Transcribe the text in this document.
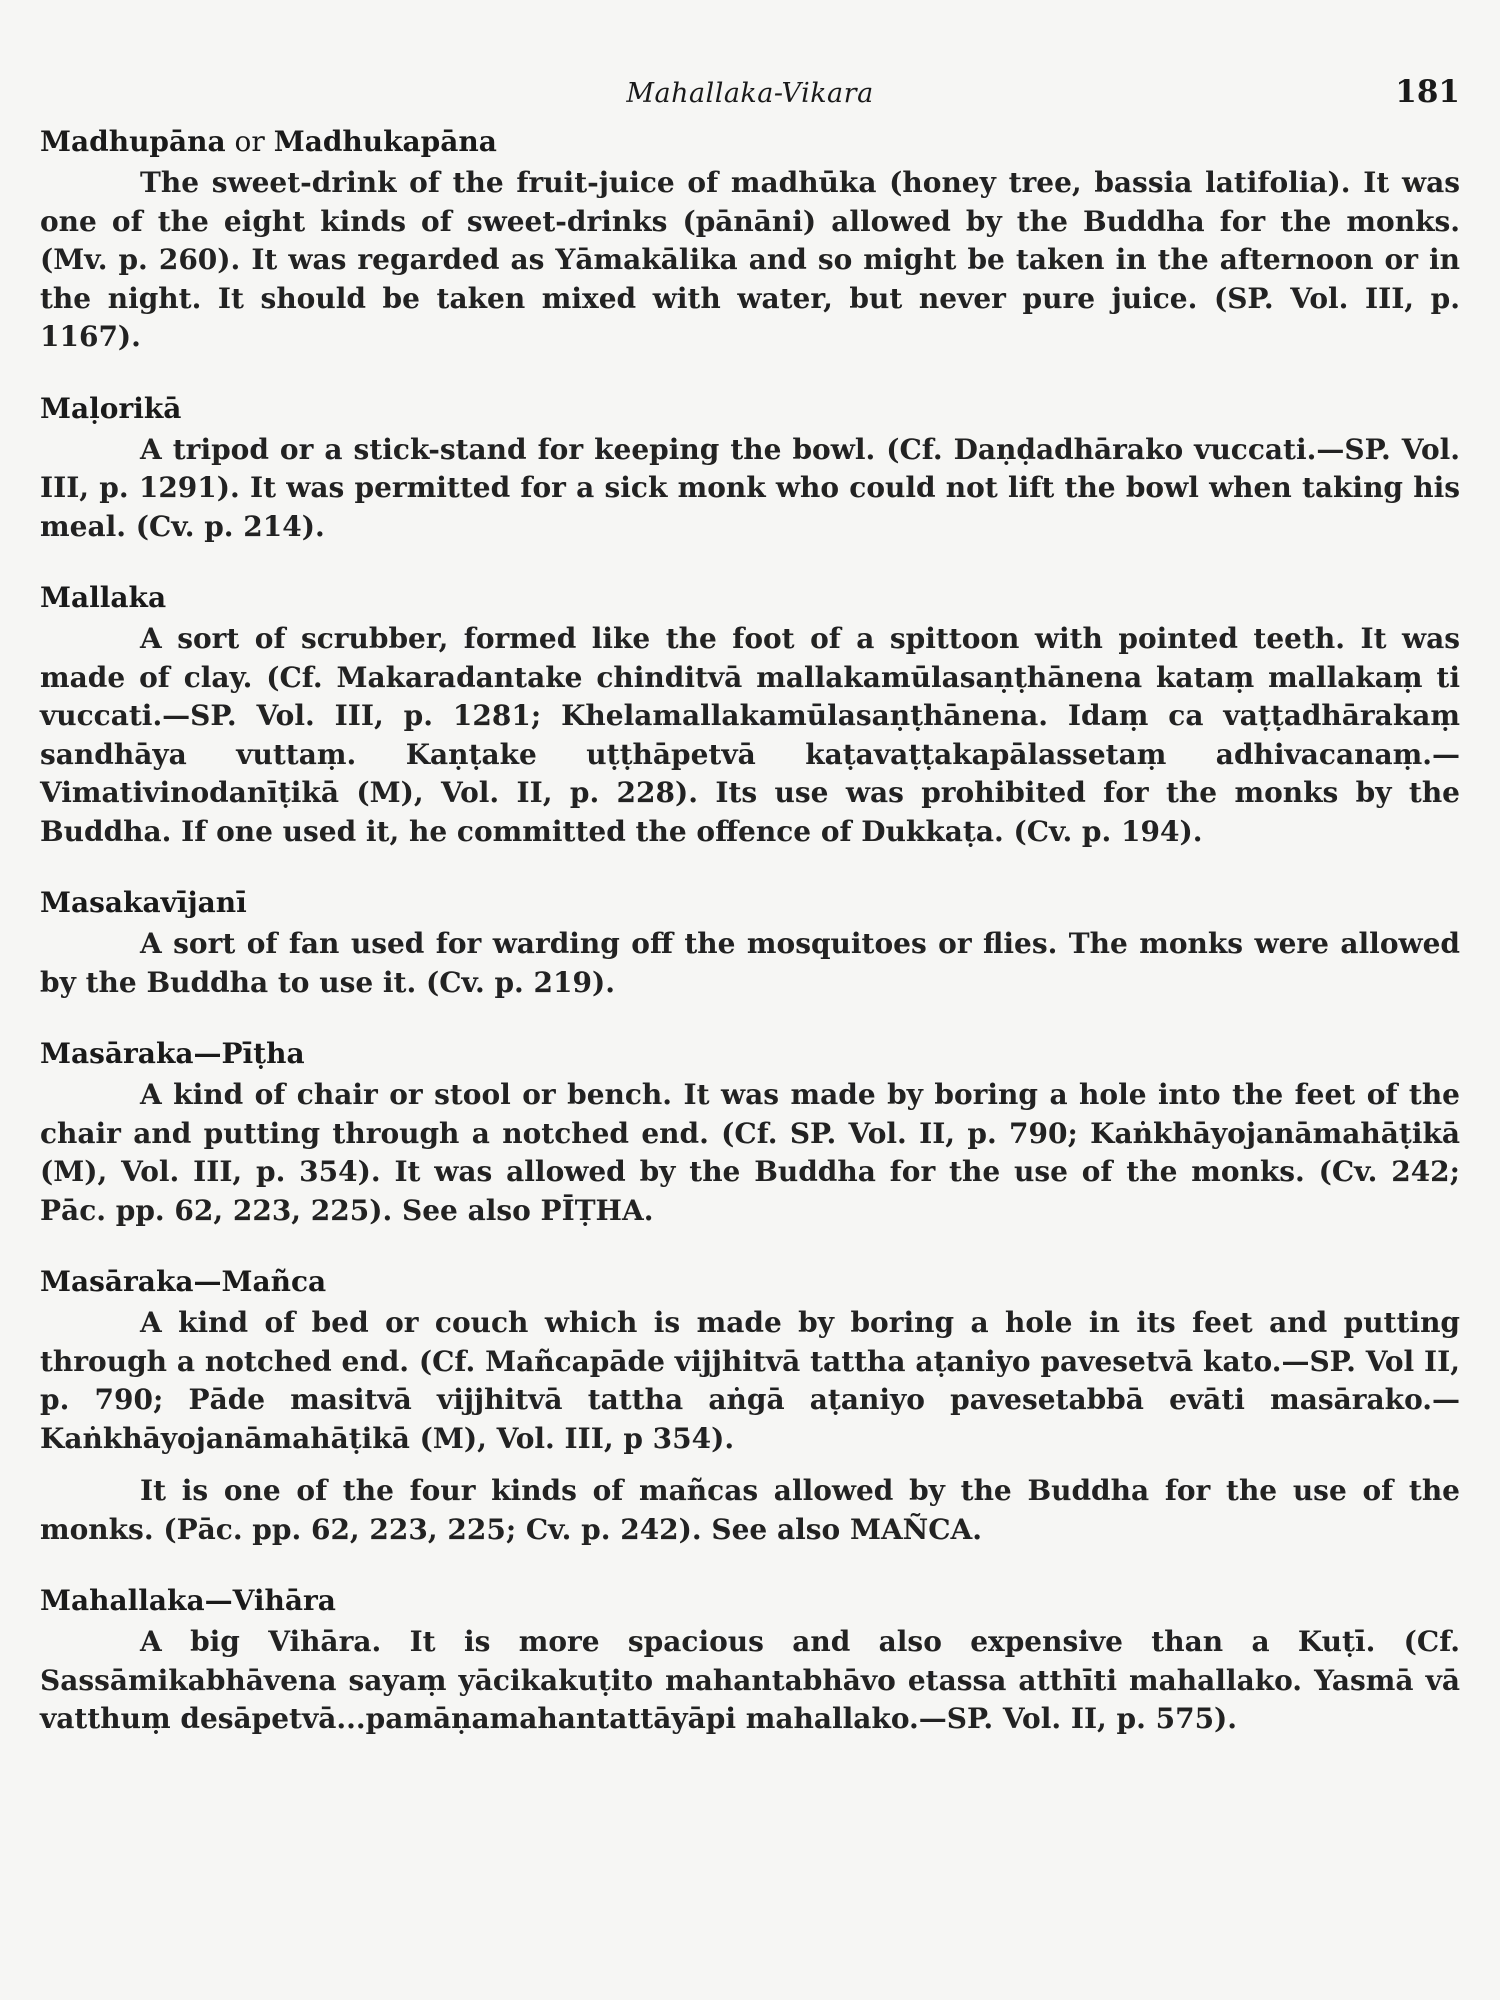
Mahallaka-Vikara	181
Madhupāna or Madhukapāna

The sweet-drink of the fruit-juice of madhūka (honey tree, bassia latifolia). It was one of the eight kinds of sweet-drinks (pānāni) allowed by the Buddha for the monks. (Mv. p. 260). It was regarded as Yāmakālika and so might be taken in the afternoon or in the night. It should be taken mixed with water, but never pure juice. (SP. Vol. III, p. 1167).

Maḷorikā

A tripod or a stick-stand for keeping the bowl. (Cf. Daṇḍadhārako vuccati.—SP. Vol. III, p. 1291). It was permitted for a sick monk who could not lift the bowl when taking his meal. (Cv. p. 214).

Mallaka

A sort of scrubber, formed like the foot of a spittoon with pointed teeth. It was made of clay. (Cf. Makaradantake chinditvā mallakamūlasaṇṭhānena kataṃ mallakaṃ ti vuccati.—SP. Vol. III, p. 1281; Khelamallakamūlasaṇṭhānena. Idaṃ ca vaṭṭadhārakaṃ sandhāya vuttaṃ. Kaṇṭake uṭṭhāpetvā kaṭavaṭṭakapālassetaṃ adhivacanaṃ.—Vimativinodanīṭikā (M), Vol. II, p. 228). Its use was prohibited for the monks by the Buddha. If one used it, he committed the offence of Dukkaṭa. (Cv. p. 194).

Masakavījanī

A sort of fan used for warding off the mosquitoes or flies. The monks were allowed by the Buddha to use it. (Cv. p. 219).

Masāraka—Pīṭha

A kind of chair or stool or bench. It was made by boring a hole into the feet of the chair and putting through a notched end. (Cf. SP. Vol. II, p. 790; Kaṅkhāyojanāmahāṭikā (M), Vol. III, p. 354). It was allowed by the Buddha for the use of the monks. (Cv. 242; Pāc. pp. 62, 223, 225). See also PĪṬHA.

Masāraka—Mañca

A kind of bed or couch which is made by boring a hole in its feet and putting through a notched end. (Cf. Mañcapāde vijjhitvā tattha aṭaniyo pavesetvā kato.—SP. Vol II, p. 790; Pāde masitvā vijjhitvā tattha aṅgā aṭaniyo pavesetabbā evāti masārako.—Kaṅkhāyojanāmahāṭikā (M), Vol. III, p 354).

It is one of the four kinds of mañcas allowed by the Buddha for the use of the monks. (Pāc. pp. 62, 223, 225; Cv. p. 242). See also MAÑCA.

Mahallaka—Vihāra

A big Vihāra. It is more spacious and also expensive than a Kuṭī. (Cf. Sassāmikabhāvena sayaṃ yācikakuṭito mahantabhāvo etassa atthīti mahallako. Yasmā vā vatthuṃ desāpetvā...pamāṇamahantattāyāpi mahallako.—SP. Vol. II, p. 575).
